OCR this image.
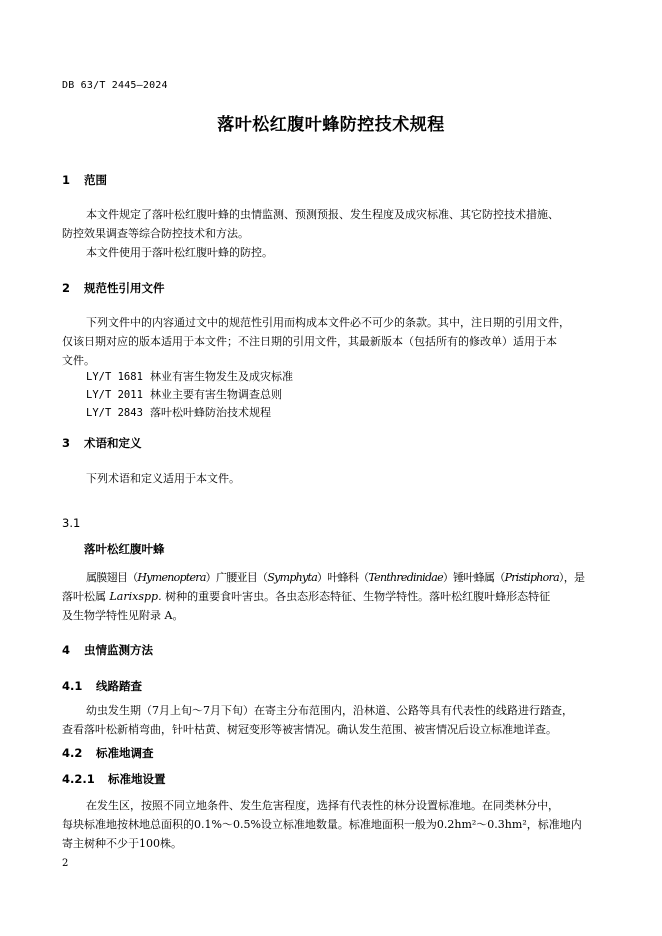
DB 63/T 2445—2024
落叶松红腹叶蜂防控技术规程
1 范围
本文件规定了落叶松红腹叶蜂的虫情监测、预测预报、发生程度及成灾标准、其它防控技术措施、
防控效果调查等综合防控技术和方法。
本文件使用于落叶松红腹叶蜂的防控。
2 规范性引用文件
下列文件中的内容通过文中的规范性引用而构成本文件必不可少的条款。其中，注日期的引用文件，
仅该日期对应的版本适用于本文件；不注日期的引用文件，其最新版本（包括所有的修改单）适用于本
文件。
LY/T 1681 林业有害生物发生及成灾标准
LY/T 2011 林业主要有害生物调查总则
LY/T 2843 落叶松叶蜂防治技术规程
3 术语和定义
下列术语和定义适用于本文件。
3.1
落叶松红腹叶蜂
属膜翅目（Hymenoptera）广腰亚目（Symphyta）叶蜂科（Tenthredinidae）锤叶蜂属（Pristiphora），是
落叶松属 Larixspp. 树种的重要食叶害虫。各虫态形态特征、生物学特性。落叶松红腹叶蜂形态特征
及生物学特性见附录 A。
4 虫情监测方法
4.1 线路踏查
幼虫发生期（7月上旬～7月下旬）在寄主分布范围内，沿林道、公路等具有代表性的线路进行踏查，
查看落叶松新梢弯曲，针叶枯黄、树冠变形等被害情况。确认发生范围、被害情况后设立标准地详查。
4.2 标准地调查
4.2.1 标准地设置
在发生区，按照不同立地条件、发生危害程度，选择有代表性的林分设置标准地。在同类林分中，
每块标准地按林地总面积的0.1%～0.5%设立标准地数量。标准地面积一般为0.2hm²～0.3hm²，标准地内
寄主树种不少于100株。
2
